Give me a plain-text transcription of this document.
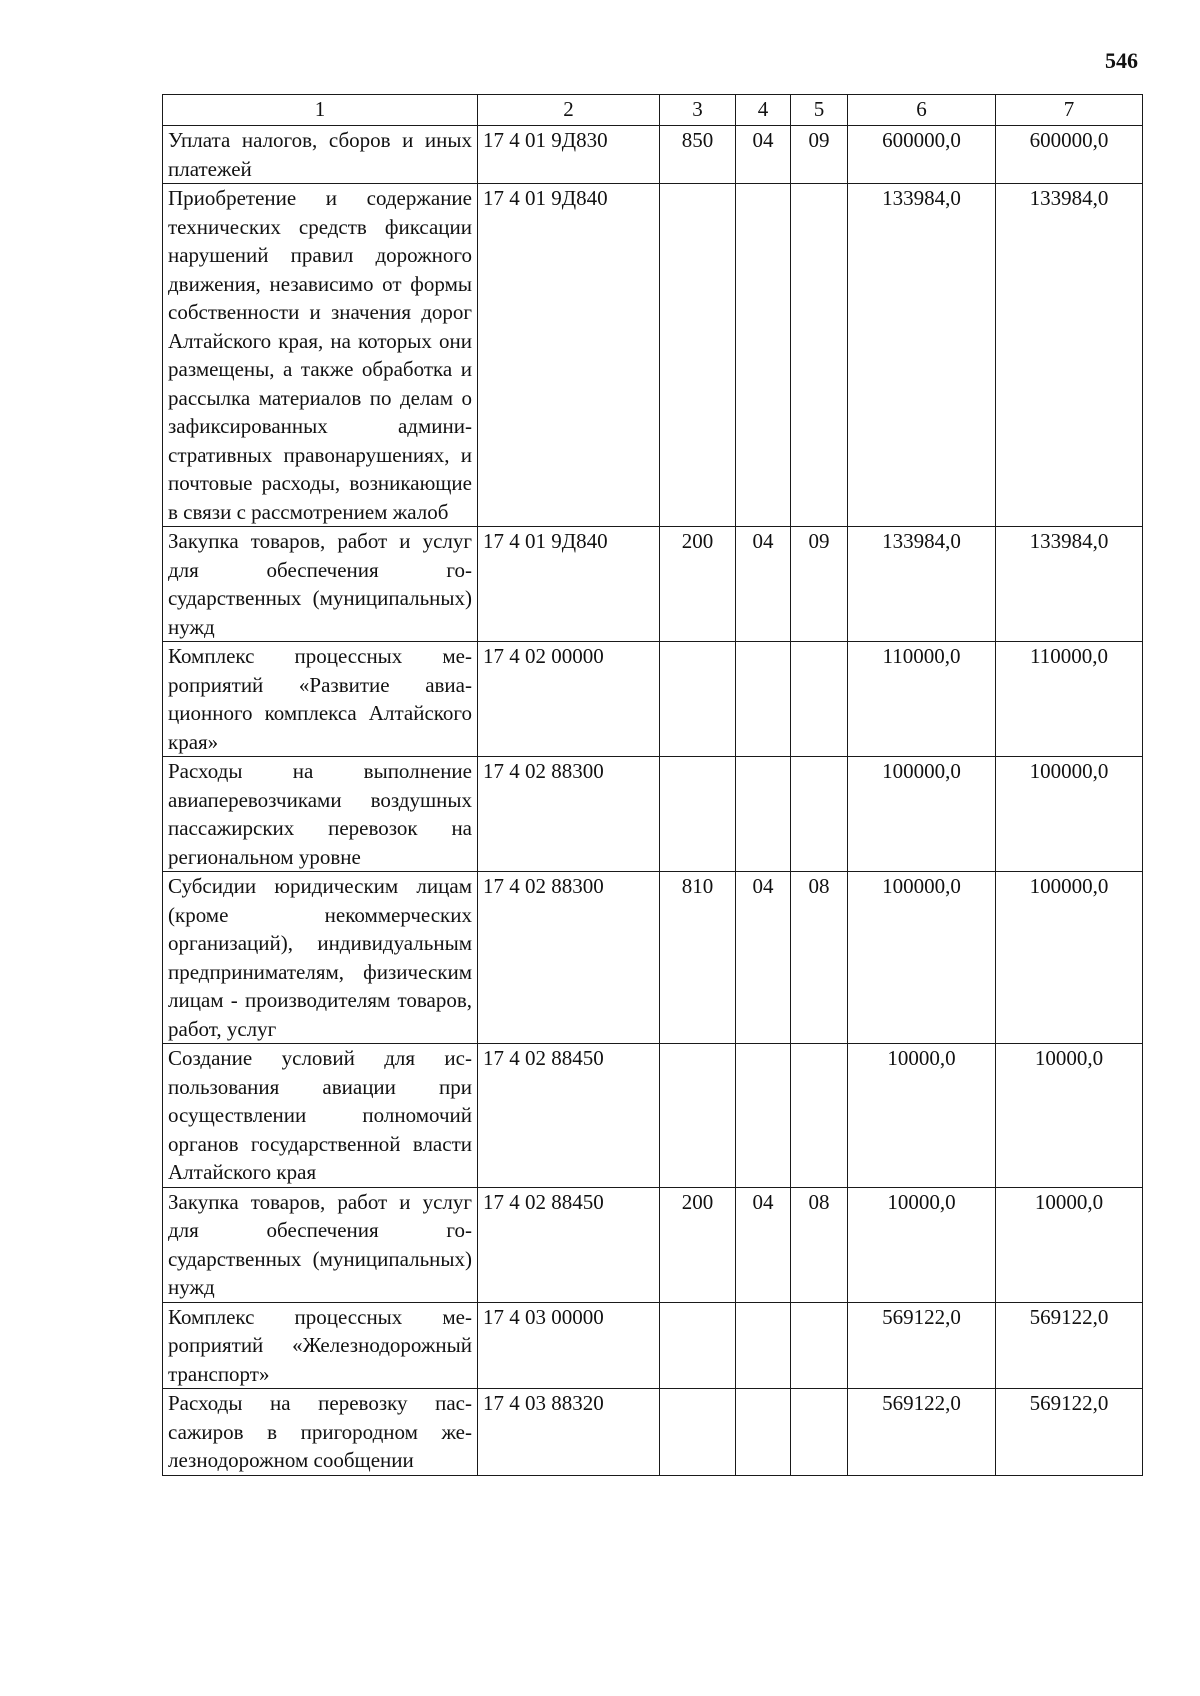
546
1	2	3	4	5	6	7
Уплата налогов, сборов и иных платежей	17 4 01 9Д830	850	04	09	600000,0	600000,0
Приобретение и содержание технических средств фиксации нарушений правил дорожного движения, независимо от формы собственности и значения дорог Алтайского края, на которых они размещены, а также обработка и рассылка материалов по делам о зафиксированных административных правонарушениях, и почтовые расходы, возникающие в связи с рассмотрением жалоб	17 4 01 9Д840				133984,0	133984,0
Закупка товаров, работ и услуг для обеспечения государственных (муниципальных) нужд	17 4 01 9Д840	200	04	09	133984,0	133984,0
Комплекс процессных мероприятий «Развитие авиационного комплекса Алтайского края»	17 4 02 00000				110000,0	110000,0
Расходы на выполнение авиаперевозчиками воздушных пассажирских перевозок на региональном уровне	17 4 02 88300				100000,0	100000,0
Субсидии юридическим лицам (кроме некоммерческих организаций), индивидуальным предпринимателям, физическим лицам - производителям товаров, работ, услуг	17 4 02 88300	810	04	08	100000,0	100000,0
Создание условий для использования авиации при осуществлении полномочий органов государственной власти Алтайского края	17 4 02 88450				10000,0	10000,0
Закупка товаров, работ и услуг для обеспечения государственных (муниципальных) нужд	17 4 02 88450	200	04	08	10000,0	10000,0
Комплекс процессных мероприятий «Железнодорожный транспорт»	17 4 03 00000				569122,0	569122,0
Расходы на перевозку пассажиров в пригородном железнодорожном сообщении	17 4 03 88320				569122,0	569122,0
